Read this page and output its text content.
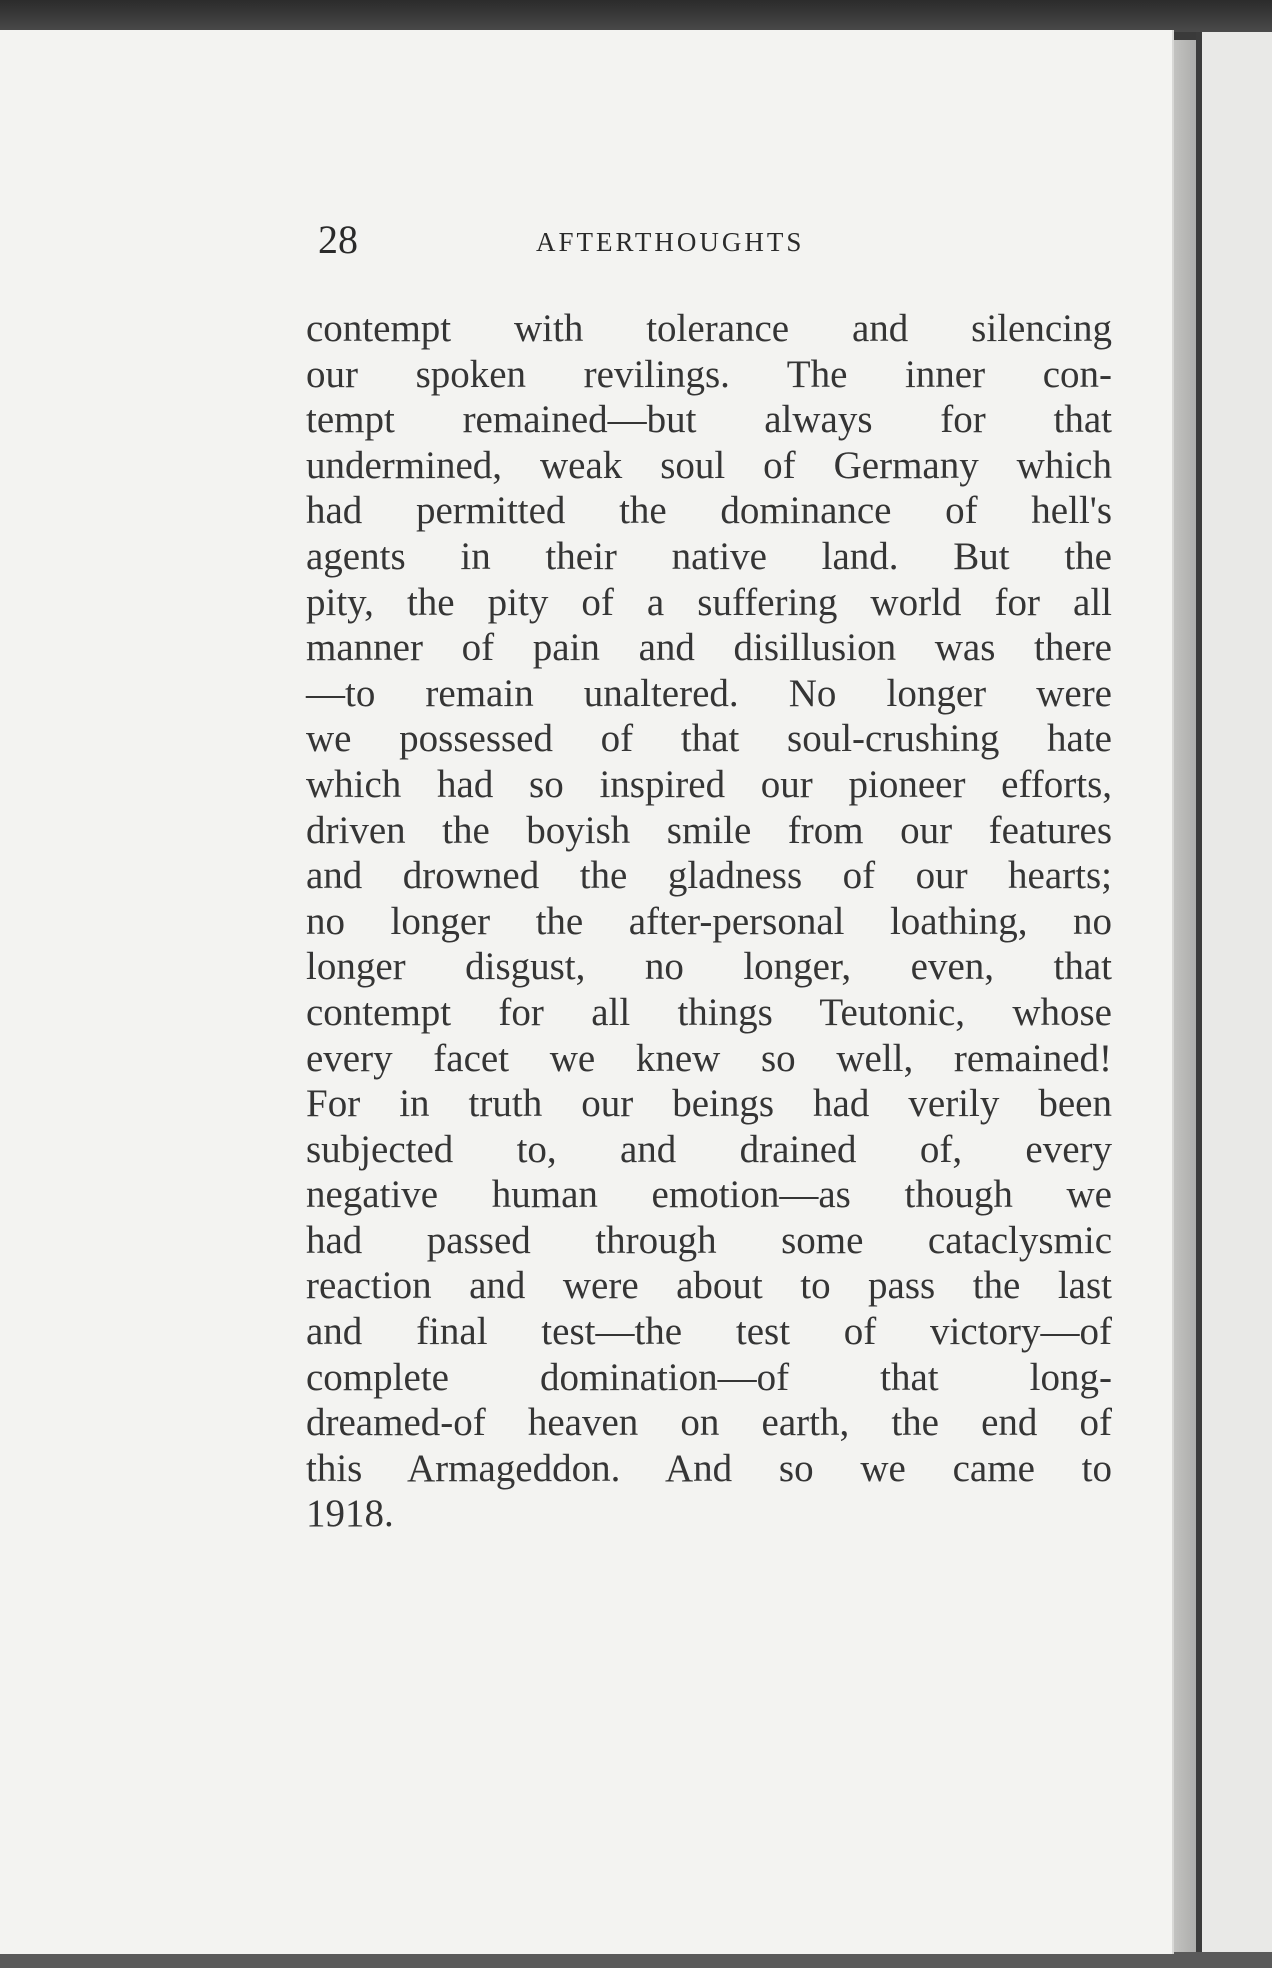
28	AFTERTHOUGHTS
contempt with tolerance and silencing
our spoken revilings. The inner con-
tempt remained—but always for that
undermined, weak soul of Germany which
had permitted the dominance of hell's
agents in their native land. But the
pity, the pity of a suffering world for all
manner of pain and disillusion was there
—to remain unaltered. No longer were
we possessed of that soul-crushing hate
which had so inspired our pioneer efforts,
driven the boyish smile from our features
and drowned the gladness of our hearts;
no longer the after-personal loathing, no
longer disgust, no longer, even, that
contempt for all things Teutonic, whose
every facet we knew so well, remained!
For in truth our beings had verily been
subjected to, and drained of, every
negative human emotion—as though we
had passed through some cataclysmic
reaction and were about to pass the last
and final test—the test of victory—of
complete domination—of that long-
dreamed-of heaven on earth, the end of
this Armageddon. And so we came to
1918.
